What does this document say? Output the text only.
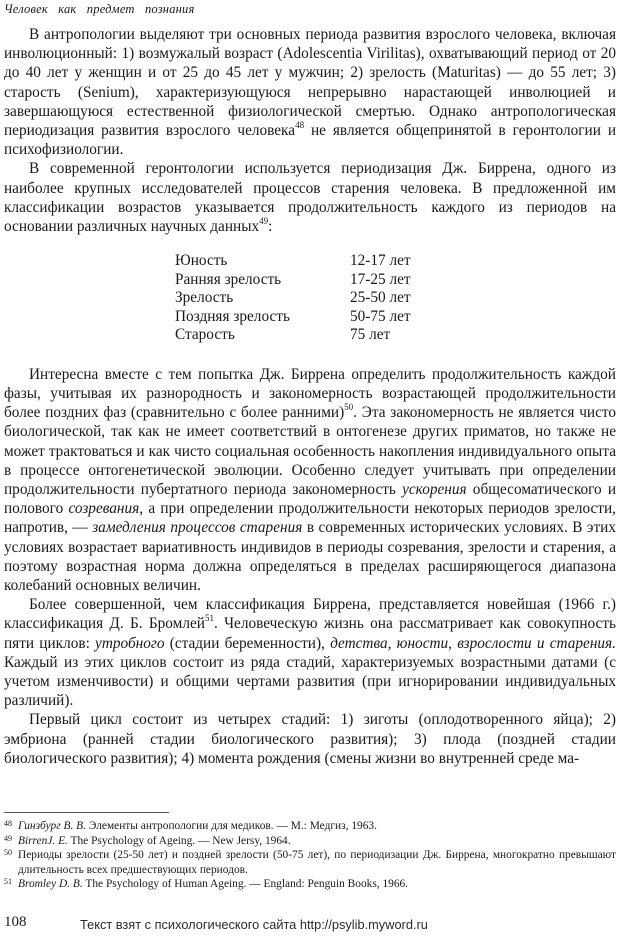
Человек как предмет познания

В антропологии выделяют три основных периода развития взрослого человека, включая инволюционный: 1) возмужалый возраст (Adolescentia Virilitas), охватывающий период от 20 до 40 лет у женщин и от 25 до 45 лет у мужчин; 2) зрелость (Maturitas) — до 55 лет; 3) старость (Senium), характеризующуюся непрерывно нарастающей инволюцией и завершающуюся естественной физиологической смертью. Однако антропологическая периодизация развития взрослого человека$^{48}$ не является общепринятой в геронтологии и психофизиологии.

В современной геронтологии используется периодизация Дж. Биррена, одного из наиболее крупных исследователей процессов старения человека. В предложенной им классификации возрастов указывается продолжительность каждого из периодов на основании различных научных данных$^{49}$:

Юность	12-17 лет
Ранняя зрелость	17-25 лет
Зрелость	25-50 лет
Поздняя зрелость	50-75 лет
Старость	75 лет

Интересна вместе с тем попытка Дж. Биррена определить продолжительность каждой фазы, учитывая их разнородность и закономерность возрастающей продолжительности более поздних фаз (сравнительно с более ранними)$^{50}$. Эта закономерность не является чисто биологической, так как не имеет соответствий в онтогенезе других приматов, но также не может трактоваться и как чисто социальная особенность накопления индивидуального опыта в процессе онтогенетической эволюции. Особенно следует учитывать при определении продолжительности пубертатного периода закономерность ускорения общесоматического и полового созревания, а при определении продолжительности некоторых периодов зрелости, напротив, — замедления процессов старения в современных исторических условиях. В этих условиях возрастает вариативность индивидов в периоды созревания, зрелости и старения, а поэтому возрастная норма должна определяться в пределах расширяющегося диапазона колебаний основных величин.

Более совершенной, чем классификация Биррена, представляется новейшая (1966 г.) классификация Д. Б. Бромлей$^{51}$. Человеческую жизнь она рассматривает как совокупность пяти циклов: утробного (стадии беременности), детства, юности, взрослости и старения. Каждый из этих циклов состоит из ряда стадий, характеризуемых возрастными датами (с учетом изменчивости) и общими чертами развития (при игнорировании индивидуальных различий).

Первый цикл состоит из четырех стадий: 1) зиготы (оплодотворенного яйца); 2) эмбриона (ранней стадии биологического развития); 3) плода (поздней стадии биологического развития); 4) момента рождения (смены жизни во внутренней среде ма-

48 Гинзбург В. В. Элементы антропологии для медиков. — М.: Медгиз, 1963.
49 BirrenJ. E. The Psychology of Ageing. — New Jersy, 1964.
50 Периоды зрелости (25-50 лет) и поздней зрелости (50-75 лет), по периодизации Дж. Биррена, многократно превышают длительность всех предшествующих периодов.
51 Bromley D. B. The Psychology of Human Ageing. — England: Penguin Books, 1966.
108	Текст взят с психологического сайта http://psylib.myword.ru
